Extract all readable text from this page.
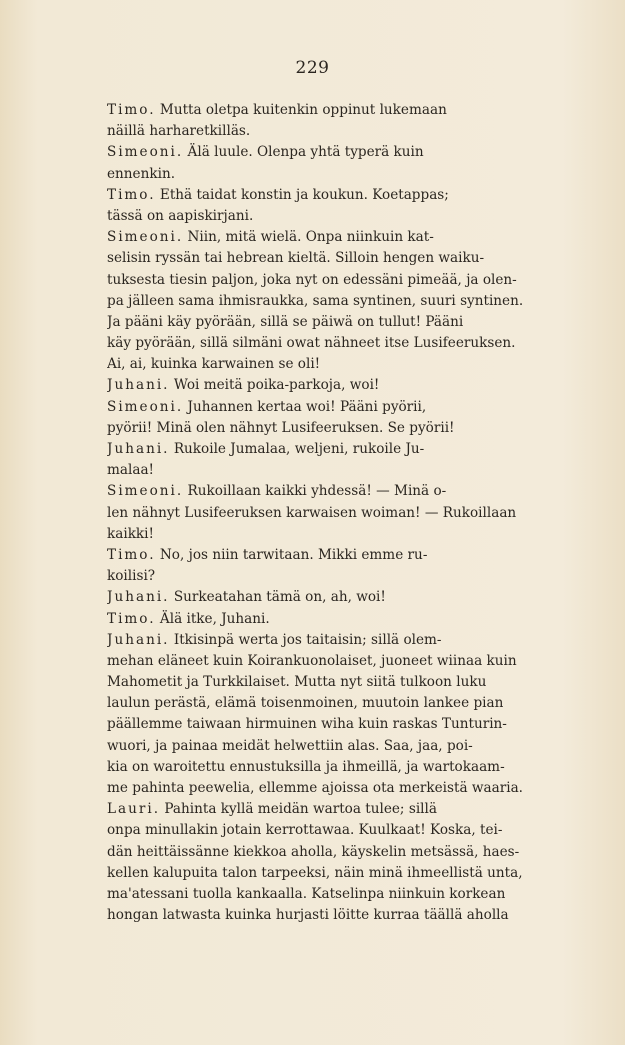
229
Timo. Mutta oletpa kuitenkin oppinut lukemaan
näillä harharetkilläs.
Simeoni. Älä luule. Olenpa yhtä typerä kuin
ennenkin.
Timo. Ethä taidat konstin ja koukun. Koetappas;
tässä on aapiskirjani.
Simeoni. Niin, mitä wielä. Onpa niinkuin kat-
selisin ryssän tai hebrean kieltä. Silloin hengen waiku-
tuksesta tiesin paljon, joka nyt on edessäni pimeää, ja olen-
pa jälleen sama ihmisraukka, sama syntinen, suuri syntinen.
Ja pääni käy pyörään, sillä se päiwä on tullut! Pääni
käy pyörään, sillä silmäni owat nähneet itse Lusifeeruksen.
Ai, ai, kuinka karwainen se oli!
Juhani. Woi meitä poika-parkoja, woi!
Simeoni. Juhannen kertaa woi! Pääni pyörii,
pyörii! Minä olen nähnyt Lusifeeruksen. Se pyörii!
Juhani. Rukoile Jumalaa, weljeni, rukoile Ju-
malaa!
Simeoni. Rukoillaan kaikki yhdessä! — Minä o-
len nähnyt Lusifeeruksen karwaisen woiman! — Rukoillaan
kaikki!
Timo. No, jos niin tarwitaan. Mikki emme ru-
koilisi?
Juhani. Surkeatahan tämä on, ah, woi!
Timo. Älä itke, Juhani.
Juhani. Itkisinpä werta jos taitaisin; sillä olem-
mehan eläneet kuin Koirankuonolaiset, juoneet wiinaa kuin
Mahometit ja Turkkilaiset. Mutta nyt siitä tulkoon luku
laulun perästä, elämä toisenmoinen, muutoin lankee pian
päällemme taiwaan hirmuinen wiha kuin raskas Tunturin-
wuori, ja painaa meidät helwettiin alas. Saa, jaa, poi-
kia on waroitettu ennustuksilla ja ihmeillä, ja wartokaam-
me pahinta peewelia, ellemme ajoissa ota merkeistä waaria.
Lauri. Pahinta kyllä meidän wartoa tulee; sillä
onpa minullakin jotain kerrottawaa. Kuulkaat! Koska, tei-
dän heittäissänne kiekkoa aholla, käyskelin metsässä, haes-
kellen kalupuita talon tarpeeksi, näin minä ihmeellistä unta,
ma'atessani tuolla kankaalla. Katselinpa niinkuin korkean
hongan latwasta kuinka hurjasti löitte kurraa täällä aholla
